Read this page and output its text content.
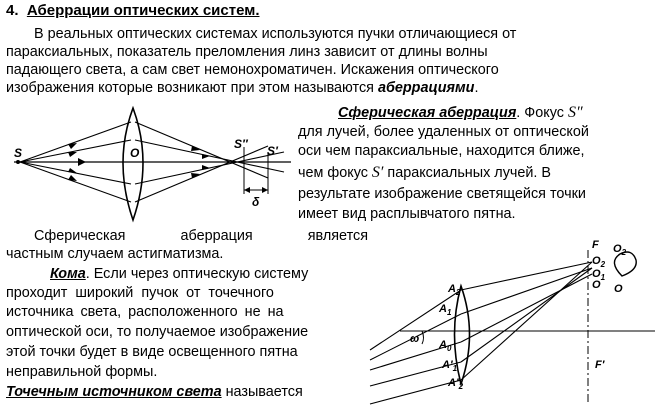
4. Аберрации оптических систем.
В реальных оптических системах используются пучки отличающиеся от
параксиальных, показатель преломления линз зависит от длины волны
падающего света, а сам свет немонохроматичен. Искажения оптического
изображения которые возникают при этом называются аберрациями.
Сферическая аберрация. Фокус S″
для лучей, более удаленных от оптической
оси чем параксиальные, находится ближе,
чем фокус S′ параксиальных лучей. В
результате изображение светящейся точки
имеет вид расплывчатого пятна.
Сферическая	аберрация	является
частным случаем астигматизма.
Кома. Если через оптическую систему
проходит широкий пучок от точечного
источника света, расположенного не на
оптической оси, то получаемое изображение
этой точки будет в виде освещенного пятна
неправильной формы.
Точечным источником света называется
S	O
S″ S′
δ
F $O_2$
$O_2$
$O_1$
O O
$A_2$
$A_1$
$A_0$
$A'_1$
$A'_2$
ω
F′
